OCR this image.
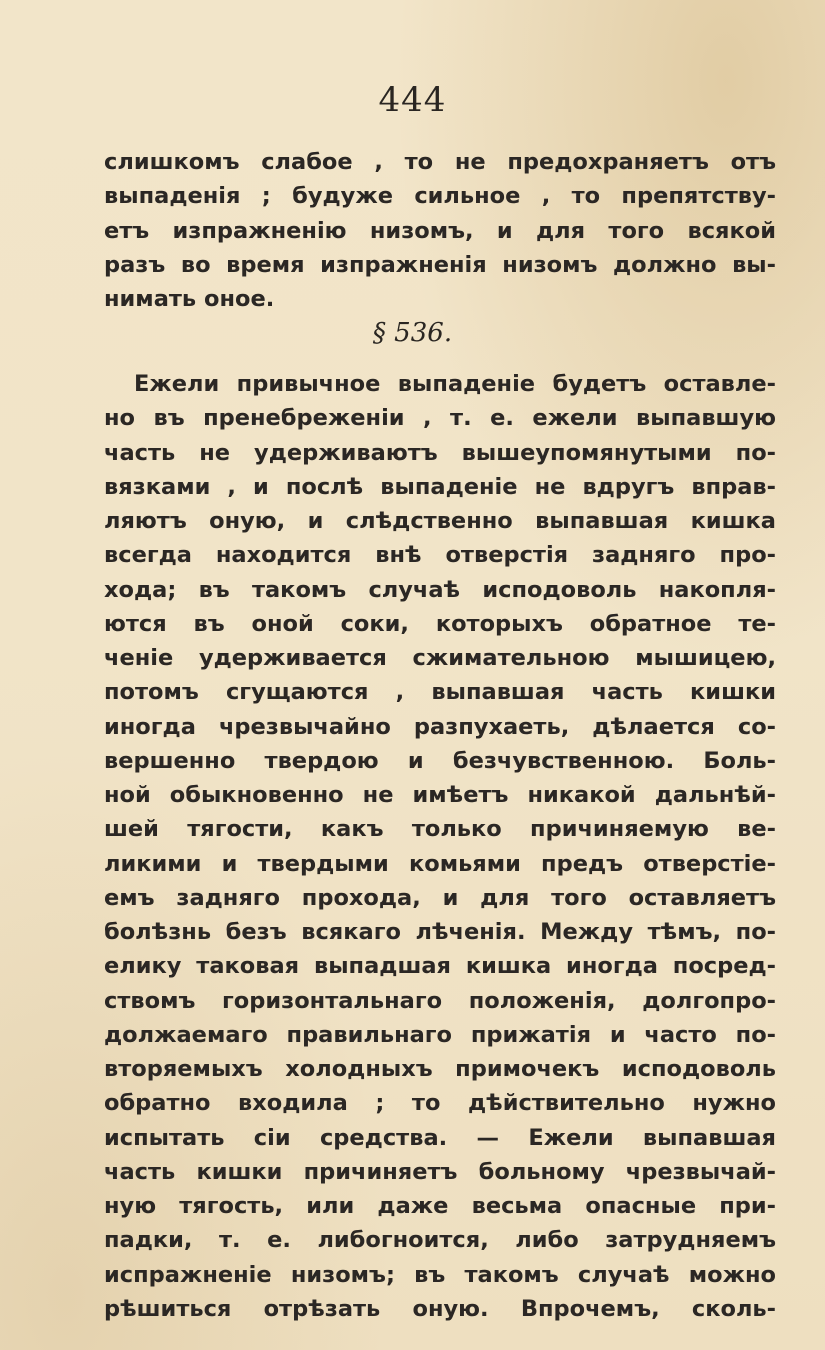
444

слишкомъ слабое , то не предохраняетъ отъ
выпаденія ; будуже сильное , то препятству-
етъ изпражненію низомъ, и для того всякой
разъ во время изпражненія низомъ должно вы-
нимать оное.

§ 536.

Ежели привычное выпаденіе будетъ оставле-
но въ пренебреженіи , т. е. ежели выпавшую
часть не удерживаютъ вышеупомянутыми по-
вязками , и послѣ выпаденіе не вдругъ вправ-
ляютъ оную, и слѣдственно выпавшая кишка
всегда находится внѣ отверстія задняго про-
хода; въ такомъ случаѣ исподоволь накопля-
ются въ оной соки, которыхъ обратное те-
ченіе удерживается сжимательною мышицею,
потомъ сгущаются , выпавшая часть кишки
иногда чрезвычайно разпухаеть, дѣлается со-
вершенно твердою и безчувственною. Боль-
ной обыкновенно не имѣетъ никакой дальнѣй-
шей тягости, какъ только причиняемую ве-
ликими и твердыми комьями предъ отверстіе-
емъ задняго прохода, и для того оставляетъ
болѣзнь безъ всякаго лѣченія. Между тѣмъ, по-
елику таковая выпадшая кишка иногда посред-
ствомъ горизонтальнаго положенія, долгопро-
должаемаго правильнаго прижатія и часто по-
вторяемыхъ холодныхъ примочекъ исподоволь
обратно входила ; то дѣйствительно нужно
испытать сіи средства. — Ежели выпавшая
часть кишки причиняетъ больному чрезвычай-
ную тягость, или даже весьма опасные при-
падки, т. е. либогноится, либо затрудняемъ
испражненіе низомъ; въ такомъ случаѣ можно
рѣшиться отрѣзать оную. Впрочемъ, сколь-
